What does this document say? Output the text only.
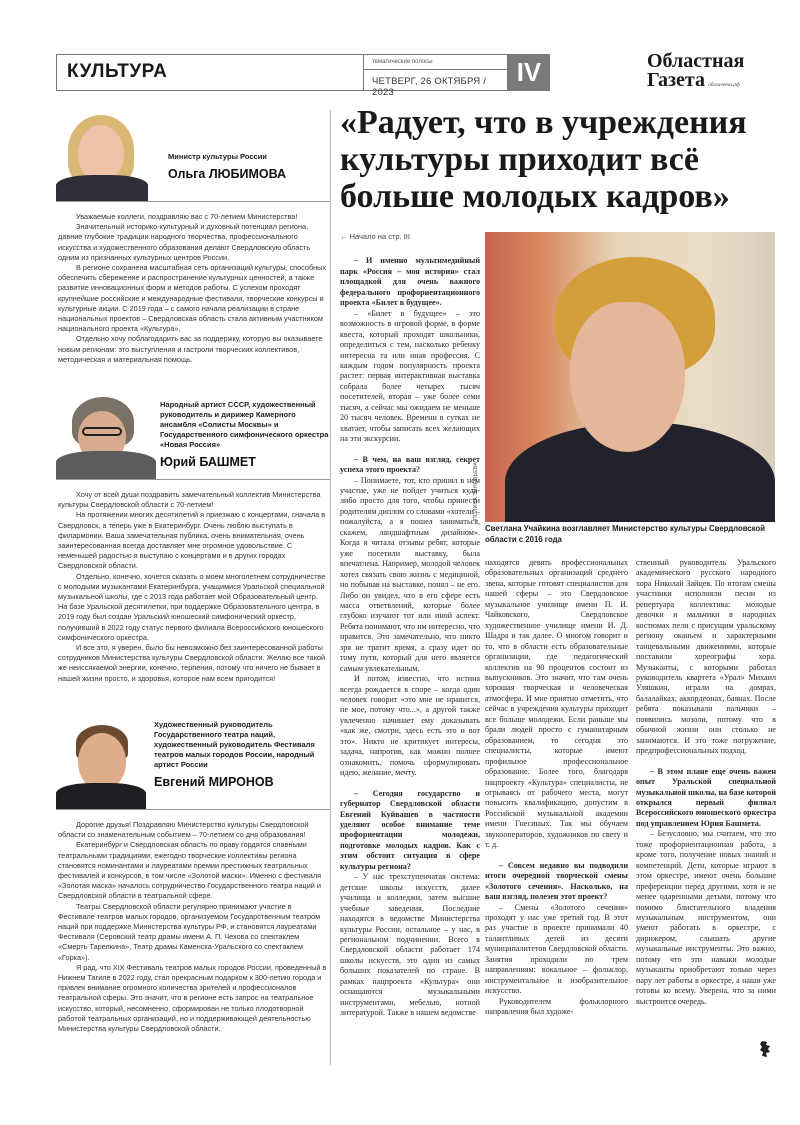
КУЛЬТУРА	тематические полосы
ЧЕТВЕРГ, 26 ОКТЯБРЯ / 2023
IV	Областная
Газета облгазета.рф
Министр культуры России
Ольга ЛЮБИМОВА

Уважаемые коллеги, поздравляю вас с 70-летием Министерства!

Значительный историко-культурный и духовный потенциал региона, давние глубокие традиции народного творчества, профессионального искусства и художественного образования делают Свердловскую область одним из признанных культурных центров России.

В регионе сохранена масштабная сеть организаций культуры, способных обеспечить сбережение и распространение культурных ценностей, а также развитие инновационных форм и методов работы. С успехом проходят крупнейшие российские и международные фестивали, творческие конкурсы и культурные акции. С 2019 года – с самого начала реализации в стране национальных проектов – Свердловская область стала активным участником национального проекта «Культура».

Отдельно хочу поблагодарить вас за поддержку, которую вы оказываете новым регионам: это выступления и гастроли творческих коллективов, методическая и материальная помощь.

Народный артист СССР, художественный руководитель и дирижер Камерного ансамбля «Солисты Москвы» и Государственного симфонического оркестра «Новая Россия»
Юрий БАШМЕТ

Хочу от всей души поздравить замечательный коллектив Министерства культуры Свердловской области с 70-летием!

На протяжении многих десятилетий я приезжаю с концертами, сначала в Свердловск, а теперь уже в Екатеринбург. Очень люблю выступать в филармонии. Ваша замечательная публика, очень внимательная, очень заинтересованная всегда доставляет мне огромное удовольствие. С неменьшей радостью я выступаю с концертами и в других городах Свердловской области.

Отдельно, конечно, хочется сказать о моем многолетнем сотрудничестве с молодыми музыкантами Екатеринбурга, учащимися Уральской специальной музыкальной школы, где с 2013 года работает мой Образовательный центр. На базе Уральской десятилетки, при поддержке Образовательного центра, в 2019 году был создан Уральский юношеский симфонический оркестр, получивший в 2022 году статус первого филиала Всероссийского юношеского симфонического оркестра.

И все это, я уверен, было бы невозможно без заинтересованной работы сотрудников Министерства культуры Свердловской области. Желаю все такой же неиссякаемой энергии, конечно, терпения, потому что ничего не бывает в нашей жизни просто, и здоровья, которое нам всем пригодится!

Художественный руководитель Государственного театра наций, художественный руководитель Фестиваля театров малых городов России, народный артист России
Евгений МИРОНОВ

Дорогие друзья! Поздравляю Министерство культуры Свердловской области со знаменательным событием – 70-летием со дня образования!

Екатеринбург и Свердловская область по праву гордятся славными театральными традициями, ежегодно творческие коллективы региона становятся номинантами и лауреатами премии престижных театральных фестивалей и конкурсов, в том числе «Золотой маски». Именно с фестиваля «Золотая маска» началось сотрудничество Государственного театра наций и Свердловской области в театральной сфере.

Театры Свердловской области регулярно принимают участие в Фестивале театров малых городов, организуемом Государственным театром наций при поддержке Министерства культуры РФ, и становятся лауреатами Фестиваля (Серовский театр драмы имени А. П. Чехова со спектаклем «Смерть Тарелкина», Театр драмы Каменска-Уральского со спектаклем «Горка»).

Я рад, что XIX Фестиваль театров малых городов России, проведенный в Нижнем Тагиле в 2022 году, стал прекрасным подарком к 300-летию города и привлек внимание огромного количества зрителей и профессионалов театральной сферы. Это значит, что в регионе есть запрос на театральное искусство, который, несомненно, сформирован не только плодотворной работой театральных организаций, но и поддерживающей деятельностью Министерства культуры Свердловской области.

«Радует, что в учреждения культуры приходит всё больше молодых кадров»
ПОЛИНА ЗИНОВЬЕВА
Светлана Учайкина возглавляет Министерство культуры Свердловской области с 2016 года

← Начало на стр. III

– И именно мультимедийный парк «Россия – моя история» стал площадкой для очень важного федерального профориентационного проекта «Билет в будущее».

– «Билет в будущее» – это возможность в игровой форме, в форме квеста, который проходят школьники, определиться с тем, насколько ребенку интересна та или иная профессия. С каждым годом популярность проекта растет: первая интерактивная выставка собрала более четырех тысяч посетителей, вторая – уже более семи тысяч, а сейчас мы ожидаем не меньше 20 тысяч человек. Времени в сутках не хватает, чтобы записать всех желающих на эти экскурсии.

– В чем, на ваш взгляд, секрет успеха этого проекта?

– Понимаете, тот, кто принял в нем участие, уже не пойдет учиться куда-либо просто для того, чтобы принести родителям диплом со словами «хотели – пожалуйста, а я пошел заниматься, скажем, ландшафтным дизайном». Когда я читала отзывы ребят, которые уже посетили выставку, была впечатлена. Например, молодой человек хотел связать свою жизнь с медициной, но побывав на выставке, понял – не его. Либо он увидел, что в его сфере есть масса ответвлений, которые более глубоко изучают тот или иной аспект. Ребята понимают, что им интересно, что нравится. Это замечательно, что никто зря не тратит время, а сразу идет по тому пути, который для него является самым увлекательным.

И потом, известно, что истина всегда рождается в споре – когда один человек говорит «это мне не нравится, не мое, потому что...», а другой также увлеченно начинает ему доказывать «как же, смотри, здесь есть это и вот это». Никто не критикует интересы, задача, напротив, как можно полнее ознакомить, помочь сформулировать идею, желание, мечту.

– Сегодня государство и губернатор Свердловской области Евгений Куйвашев в частности уделяют особое внимание теме профориентации молодежи, подготовке молодых кадров. Как с этим обстоит ситуация в сфере культуры региона?

– У нас трехступенчатая система: детские школы искусств, далее училища и колледжи, затем высшие учебные заведения. Последние находятся в ведомстве Министерства культуры России, остальное – у нас, в региональном подчинении. Всего в Свердловской области работает 174 школы искусств, это один из самых больших показателей по стране. В рамках нацпроекта «Культура» они оснащаются музыкальными инструментами, мебелью, нотной литературой. Также в нашем ведомстве

находятся девять профессиональных образовательных организаций среднего звена, которые готовят специалистов для нашей сферы – это Свердловское музыкальное училище имени П. И. Чайковского, Свердловское художественное училище имени И. Д. Шадра и так далее. О многом говорит и то, что в области есть образовательные организации, где педагогический коллектив на 90 процентов состоит из выпускников. Это значит, что там очень хорошая творческая и человеческая атмосфера. И мне приятно отметить, что сейчас в учреждения культуры приходит все больше молодежи. Если раньше мы брали людей просто с гуманитарным образованием, то сегодня это специалисты, которые имеют профильное профессиональное образование. Более того, благодаря нацпроекту «Культура» специалисты, не отрываясь от рабочего места, могут повысить квалификацию, допустим в Российской музыкальной академии имени Гнесиных. Так мы обучаем звукооператоров, художников по свету и т. д.

– Совсем недавно вы подводили итоги очередной творческой смены «Золотого сечения». Насколько, на ваш взгляд, полезен этот проект?

– Смены «Золотого сечения» проходят у нас уже третий год. В этот раз участие в проекте принимали 40 талантливых детей из десяти муниципалитетов Свердловской области. Занятия проходили по трем направлениям: вокальное – фольклор, инструментальное и изобразительное искусство.

Руководителем фольклорного направления был художе-

ственный руководитель Уральского академического русского народного хора Николай Зайцев. По итогам смены участники исполняли песни из репертуара коллектива: молодые девочки и мальчики в народных костюмах пели с присущим уральскому региону оканьем и характерными танцевальными движениями, которые поставили хореографы хора. Музыканты, с которыми работал руководитель квартета «Урал» Михаил Уляшкин, играли на домрах, балалайках, аккордеонах, баянах. После ребята показывали пальчики – появились мозоли, потому что в обычной жизни они столько не занимаются. И это тоже погружение, предпрофессиональных подход.

– В этом плане еще очень важен опыт Уральской специальной музыкальной школы, на базе которой открылся первый филиал Всероссийского юношеского оркестра под управлением Юрия Башмета.

– Безусловно, мы считаем, что это тоже профориентационная работа, а кроме того, получение новых знаний и компетенций. Дети, которые играют в этом оркестре, имеют очень большие преференции перед другими, хотя и не менее одаренными детьми, потому что помимо блистательного владения музыкальным инструментом, они умеют работать в оркестре, с дирижером, слышать другие музыкальные инструменты. Это важно, потому что эти навыки молодые музыканты приобретают только через пару лет работы в оркестре, а наши уже готовы ко всему. Уверена, что за ними выстроится очередь.
